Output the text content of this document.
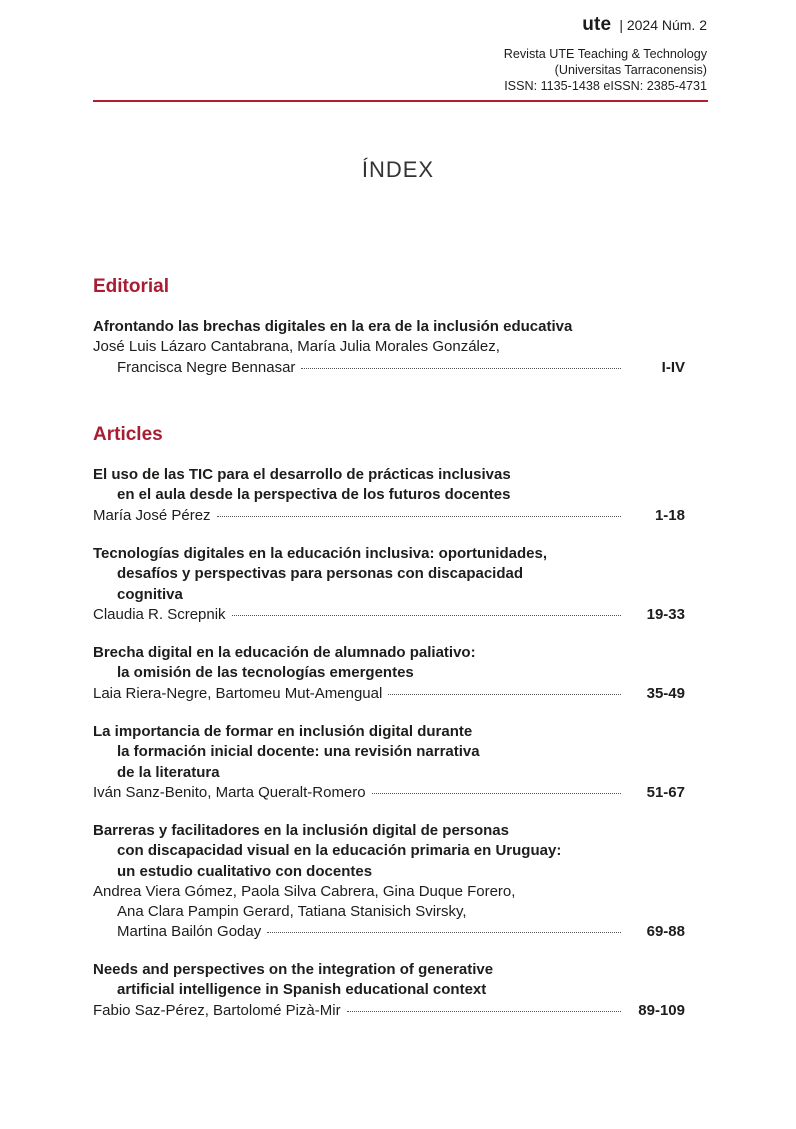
ute | 2024 Núm. 2
Revista UTE Teaching & Technology
(Universitas Tarraconensis)
ISSN: 1135-1438 eISSN: 2385-4731
ÍNDEX
Editorial
Afrontando las brechas digitales en la era de la inclusión educativa
José Luis Lázaro Cantabrana, María Julia Morales González,
Francisca Negre Bennasar	I-IV
Articles
El uso de las TIC para el desarrollo de prácticas inclusivas
en el aula desde la perspectiva de los futuros docentes
María José Pérez	1-18
Tecnologías digitales en la educación inclusiva: oportunidades,
desafíos y perspectivas para personas con discapacidad
cognitiva
Claudia R. Screpnik	19-33
Brecha digital en la educación de alumnado paliativo:
la omisión de las tecnologías emergentes
Laia Riera-Negre, Bartomeu Mut-Amengual	35-49
La importancia de formar en inclusión digital durante
la formación inicial docente: una revisión narrativa
de la literatura
Iván Sanz-Benito, Marta Queralt-Romero	51-67
Barreras y facilitadores en la inclusión digital de personas
con discapacidad visual en la educación primaria en Uruguay:
un estudio cualitativo con docentes
Andrea Viera Gómez, Paola Silva Cabrera, Gina Duque Forero,
Ana Clara Pampin Gerard, Tatiana Stanisich Svirsky,
Martina Bailón Goday	69-88
Needs and perspectives on the integration of generative
artificial intelligence in Spanish educational context
Fabio Saz-Pérez, Bartolomé Pizà-Mir	89-109
